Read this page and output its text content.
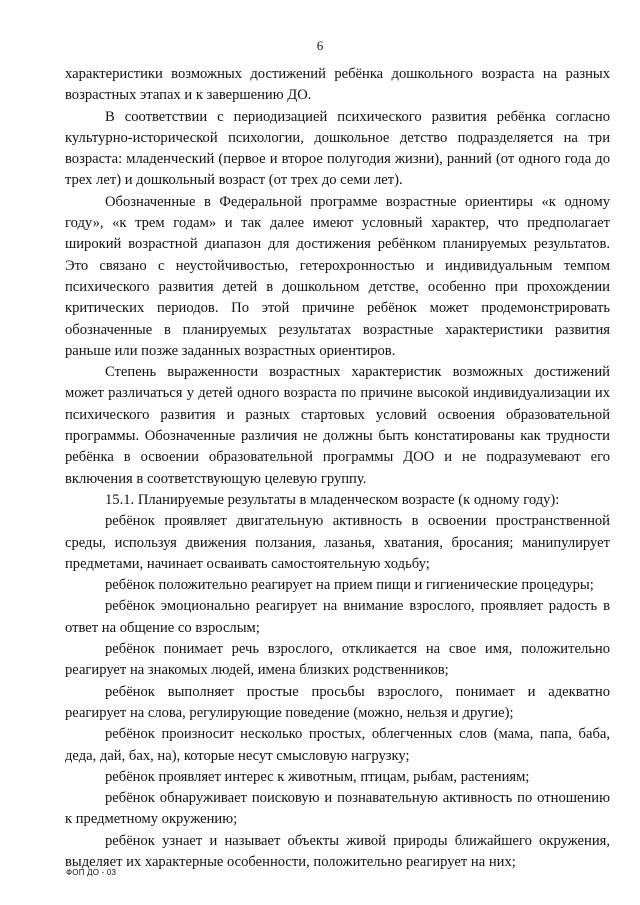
6

характеристики возможных достижений ребёнка дошкольного возраста на разных возрастных этапах и к завершению ДО.

В соответствии с периодизацией психического развития ребёнка согласно культурно-исторической психологии, дошкольное детство подразделяется на три возраста: младенческий (первое и второе полугодия жизни), ранний (от одного года до трех лет) и дошкольный возраст (от трех до семи лет).

Обозначенные в Федеральной программе возрастные ориентиры «к одному году», «к трем годам» и так далее имеют условный характер, что предполагает широкий возрастной диапазон для достижения ребёнком планируемых результатов. Это связано с неустойчивостью, гетерохронностью и индивидуальным темпом психического развития детей в дошкольном детстве, особенно при прохождении критических периодов. По этой причине ребёнок может продемонстрировать обозначенные в планируемых результатах возрастные характеристики развития раньше или позже заданных возрастных ориентиров.

Степень выраженности возрастных характеристик возможных достижений может различаться у детей одного возраста по причине высокой индивидуализации их психического развития и разных стартовых условий освоения образовательной программы. Обозначенные различия не должны быть констатированы как трудности ребёнка в освоении образовательной программы ДОО и не подразумевают его включения в соответствующую целевую группу.

15.1. Планируемые результаты в младенческом возрасте (к одному году):

ребёнок проявляет двигательную активность в освоении пространственной среды, используя движения ползания, лазанья, хватания, бросания; манипулирует предметами, начинает осваивать самостоятельную ходьбу;
ребёнок положительно реагирует на прием пищи и гигиенические процедуры;
ребёнок эмоционально реагирует на внимание взрослого, проявляет радость в ответ на общение со взрослым;
ребёнок понимает речь взрослого, откликается на свое имя, положительно реагирует на знакомых людей, имена близких родственников;
ребёнок выполняет простые просьбы взрослого, понимает и адекватно реагирует на слова, регулирующие поведение (можно, нельзя и другие);
ребёнок произносит несколько простых, облегченных слов (мама, папа, баба, деда, дай, бах, на), которые несут смысловую нагрузку;
ребёнок проявляет интерес к животным, птицам, рыбам, растениям;
ребёнок обнаруживает поисковую и познавательную активность по отношению к предметному окружению;
ребёнок узнает и называет объекты живой природы ближайшего окружения, выделяет их характерные особенности, положительно реагирует на них;
ФОП ДО - 03
